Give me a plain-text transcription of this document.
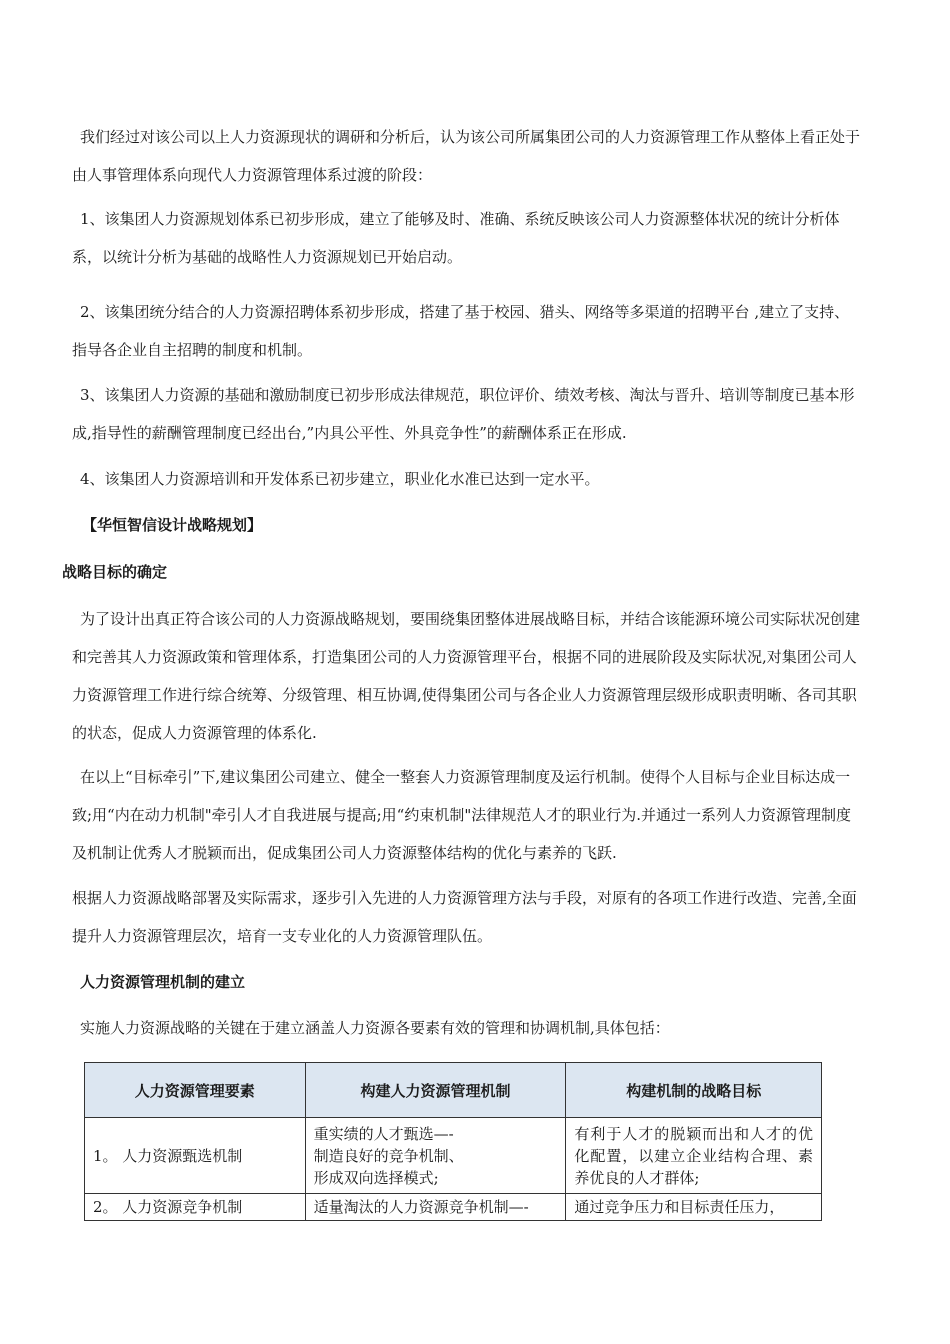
我们经过对该公司以上人力资源现状的调研和分析后，认为该公司所属集团公司的人力资源管理工作从整体上看正处于由人事管理体系向现代人力资源管理体系过渡的阶段：

1、该集团人力资源规划体系已初步形成，建立了能够及时、准确、系统反映该公司人力资源整体状况的统计分析体系，以统计分析为基础的战略性人力资源规划已开始启动。

2、该集团统分结合的人力资源招聘体系初步形成，搭建了基于校园、猎头、网络等多渠道的招聘平台 ,建立了支持、指导各企业自主招聘的制度和机制。

3、该集团人力资源的基础和激励制度已初步形成法律规范，职位评价、绩效考核、淘汰与晋升、培训等制度已基本形成,指导性的薪酬管理制度已经出台,”内具公平性、外具竞争性”的薪酬体系正在形成.

4、该集团人力资源培训和开发体系已初步建立，职业化水准已达到一定水平。

【华恒智信设计战略规划】
战略目标的确定

为了设计出真正符合该公司的人力资源战略规划，要围绕集团整体进展战略目标，并结合该能源环境公司实际状况创建和完善其人力资源政策和管理体系，打造集团公司的人力资源管理平台，根据不同的进展阶段及实际状况,对集团公司人力资源管理工作进行综合统筹、分级管理、相互协调,使得集团公司与各企业人力资源管理层级形成职责明晰、各司其职的状态，促成人力资源管理的体系化.

在以上“目标牵引”下,建议集团公司建立、健全一整套人力资源管理制度及运行机制。使得个人目标与企业目标达成一致;用“内在动力机制"牵引人才自我进展与提高;用“约束机制"法律规范人才的职业行为.并通过一系列人力资源管理制度及机制让优秀人才脱颖而出，促成集团公司人力资源整体结构的优化与素养的飞跃.

根据人力资源战略部署及实际需求，逐步引入先进的人力资源管理方法与手段，对原有的各项工作进行改造、完善,全面提升人力资源管理层次，培育一支专业化的人力资源管理队伍。

人力资源管理机制的建立

实施人力资源战略的关键在于建立涵盖人力资源各要素有效的管理和协调机制,具体包括：

人力资源管理要素	构建人力资源管理机制	构建机制的战略目标
1。 人力资源甄选机制	重实绩的人才甄选—-
制造良好的竞争机制、
形成双向选择模式;	有利于人才的脱颖而出和人才的优化配置，以建立企业结构合理、素养优良的人才群体;
2。 人力资源竞争机制	适量淘汰的人力资源竞争机制—-	通过竞争压力和目标责任压力，
